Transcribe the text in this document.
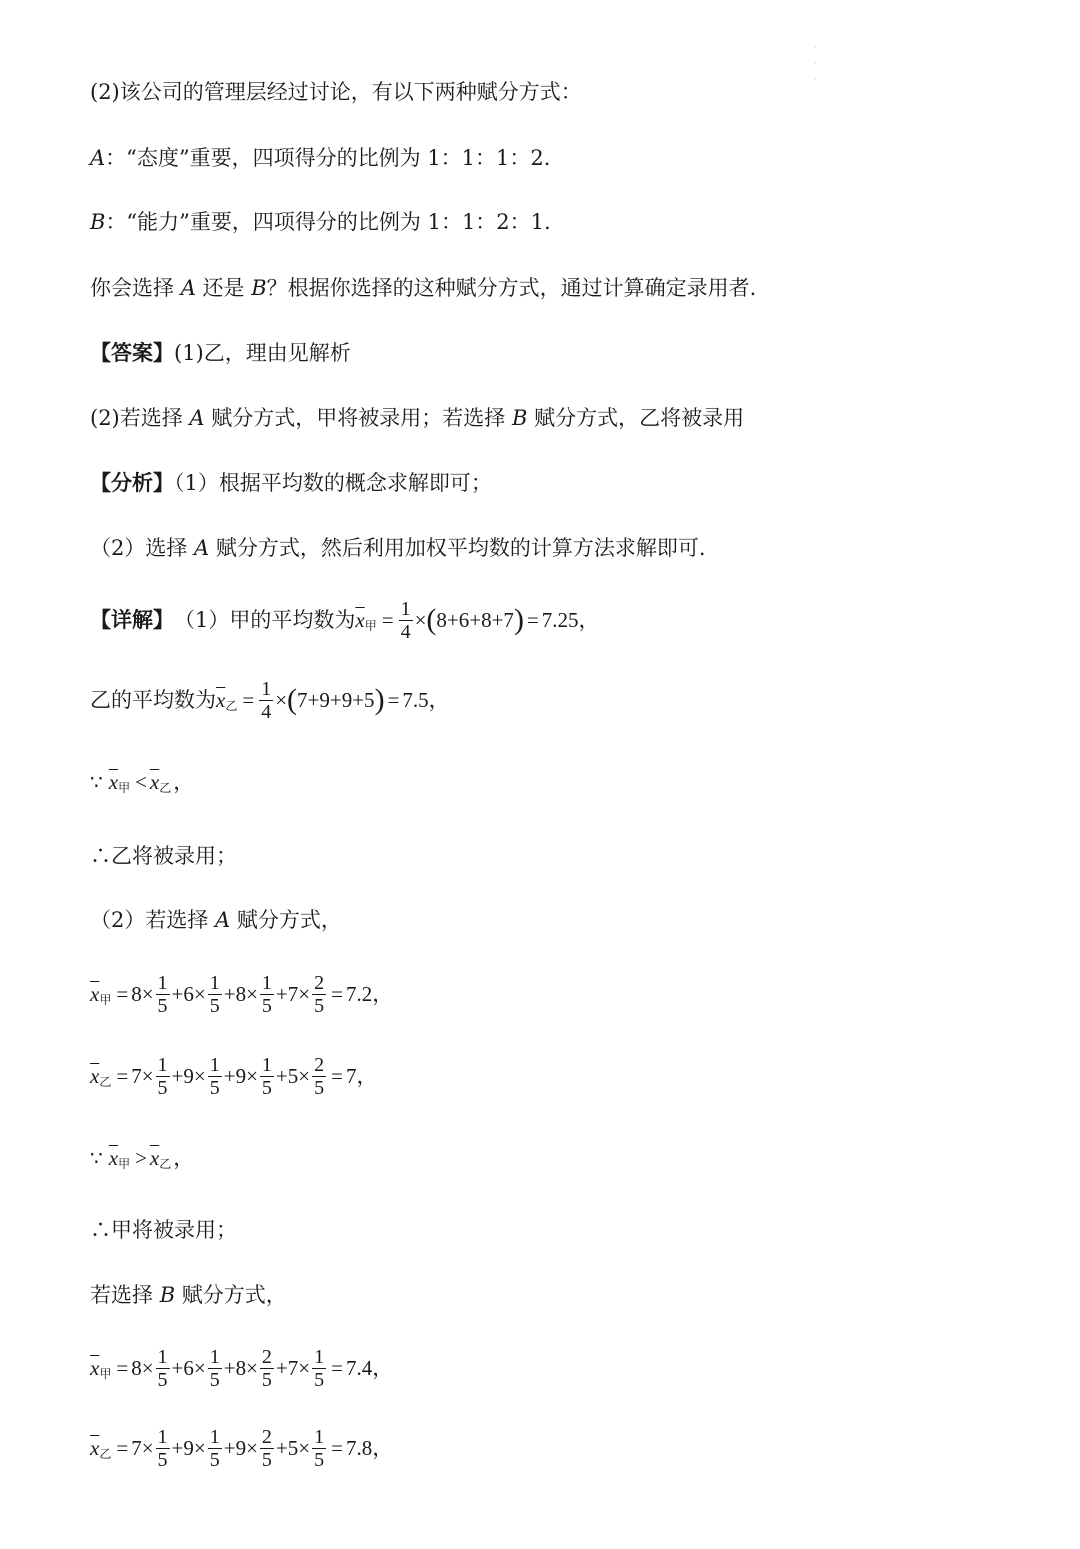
·
·
·
(2)该公司的管理层经过讨论，有以下两种赋分方式：
A：“态度”重要，四项得分的比例为 1：1：1：2.
B：“能力”重要，四项得分的比例为 1：1：2：1.
你会选择 A 还是 B？根据你选择的这种赋分方式，通过计算确定录用者.
【答案】(1)乙，理由见解析
(2)若选择 A 赋分方式，甲将被录用；若选择 B 赋分方式，乙将被录用
【分析】（1）根据平均数的概念求解即可；
（2）选择 A 赋分方式，然后利用加权平均数的计算方法求解即可.
【详解】 （1）甲的平均数为 $\overline{x}$ 甲 = $\frac{1}{4}$ × ( 8+6+8+7 ) = 7.25 ，
乙的平均数为 $\overline{x}$ 乙 = $\frac{1}{4}$ × ( 7+9+9+5 ) = 7.5 ，
∵ $\overline{x}$ 甲 < $\overline{x}$ 乙 ，
∴乙将被录用；
（2）若选择 A 赋分方式，
$\overline{x}$ 甲 = $8 \times \frac{1}{5} + 6 \times \frac{1}{5} + 8 \times \frac{1}{5} + 7 \times \frac{2}{5} = 7.2$ ，
$\overline{x}$ 乙 = $7 \times \frac{1}{5} + 9 \times \frac{1}{5} + 9 \times \frac{1}{5} + 5 \times \frac{2}{5} = 7$ ，
∵ $\overline{x}$ 甲 > $\overline{x}$ 乙 ，
∴甲将被录用；
若选择 B 赋分方式，
$\overline{x}$ 甲 = $8 \times \frac{1}{5} + 6 \times \frac{1}{5} + 8 \times \frac{2}{5} + 7 \times \frac{1}{5} = 7.4$ ，
$\overline{x}$ 乙 = $7 \times \frac{1}{5} + 9 \times \frac{1}{5} + 9 \times \frac{2}{5} + 5 \times \frac{1}{5} = 7.8$ ，
